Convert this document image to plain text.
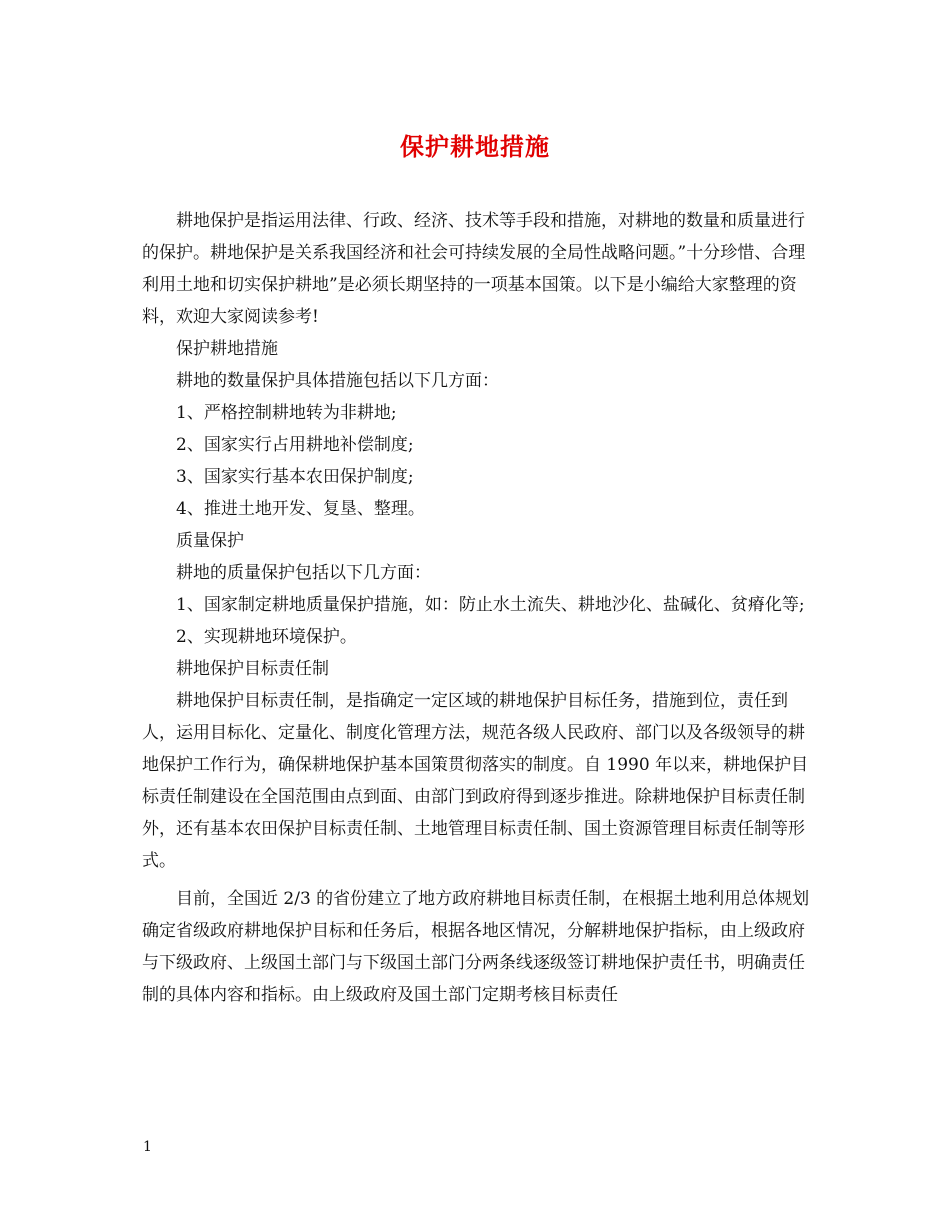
保护耕地措施

耕地保护是指运用法律、行政、经济、技术等手段和措施，对耕地的数量和质量进行的保护。耕地保护是关系我国经济和社会可持续发展的全局性战略问题。”十分珍惜、合理利用土地和切实保护耕地”是必须长期坚持的一项基本国策。以下是小编给大家整理的资料，欢迎大家阅读参考!

保护耕地措施

耕地的数量保护具体措施包括以下几方面：

1、严格控制耕地转为非耕地;

2、国家实行占用耕地补偿制度;

3、国家实行基本农田保护制度;

4、推进土地开发、复垦、整理。

质量保护

耕地的质量保护包括以下几方面：

1、国家制定耕地质量保护措施，如：防止水土流失、耕地沙化、盐碱化、贫瘠化等;

2、实现耕地环境保护。

耕地保护目标责任制

耕地保护目标责任制，是指确定一定区域的耕地保护目标任务，措施到位，责任到人，运用目标化、定量化、制度化管理方法，规范各级人民政府、部门以及各级领导的耕地保护工作行为，确保耕地保护基本国策贯彻落实的制度。自 1990 年以来，耕地保护目标责任制建设在全国范围由点到面、由部门到政府得到逐步推进。除耕地保护目标责任制外，还有基本农田保护目标责任制、土地管理目标责任制、国土资源管理目标责任制等形式。

目前，全国近 2/3 的省份建立了地方政府耕地目标责任制，在根据土地利用总体规划确定省级政府耕地保护目标和任务后，根据各地区情况，分解耕地保护指标，由上级政府与下级政府、上级国土部门与下级国土部门分两条线逐级签订耕地保护责任书，明确责任制的具体内容和指标。由上级政府及国土部门定期考核目标责任

1
